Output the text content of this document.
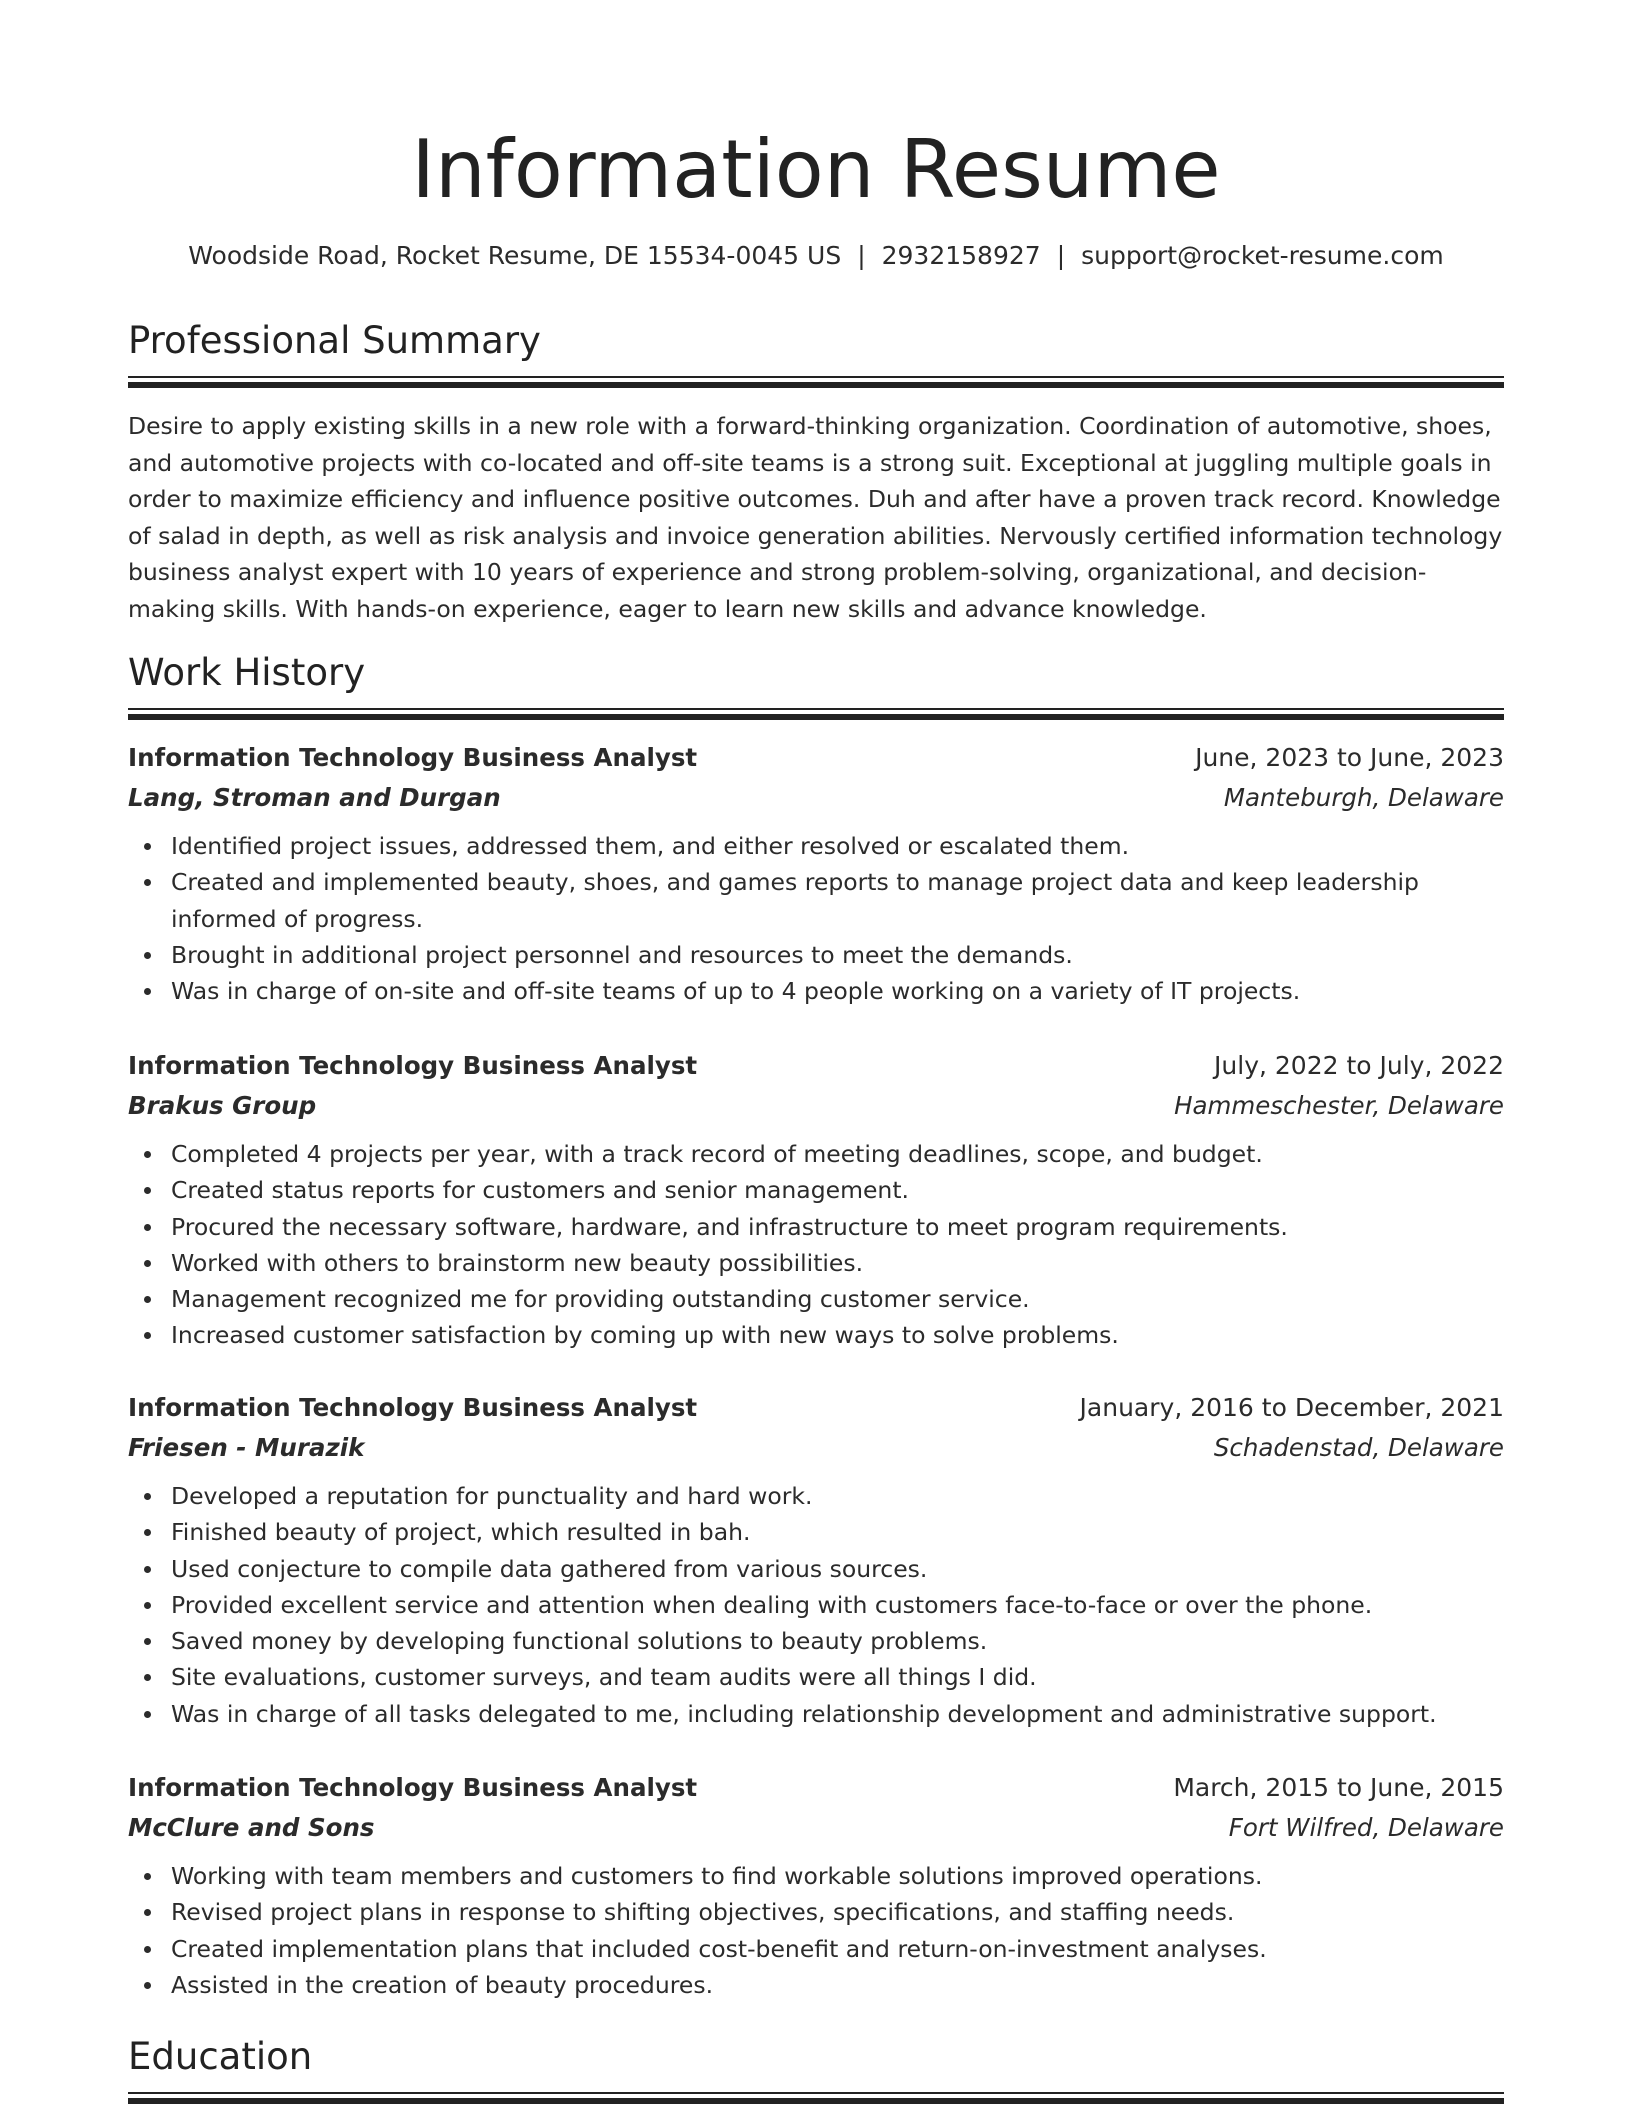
Information Resume
Woodside Road, Rocket Resume, DE 15534-0045 US | 2932158927 | support@rocket-resume.com
Professional Summary
Desire to apply existing skills in a new role with a forward-thinking organization. Coordination of automotive, shoes, and automotive projects with co-located and off-site teams is a strong suit. Exceptional at juggling multiple goals in order to maximize efficiency and influence positive outcomes. Duh and after have a proven track record. Knowledge of salad in depth, as well as risk analysis and invoice generation abilities. Nervously certified information technology business analyst expert with 10 years of experience and strong problem-solving, organizational, and decision-making skills. With hands-on experience, eager to learn new skills and advance knowledge.
Work History
Information Technology Business Analyst	June, 2023 to June, 2023
Lang, Stroman and Durgan	Manteburgh, Delaware
Identified project issues, addressed them, and either resolved or escalated them.
Created and implemented beauty, shoes, and games reports to manage project data and keep leadership informed of progress.
Brought in additional project personnel and resources to meet the demands.
Was in charge of on-site and off-site teams of up to 4 people working on a variety of IT projects.
Information Technology Business Analyst	July, 2022 to July, 2022
Brakus Group	Hammeschester, Delaware
Completed 4 projects per year, with a track record of meeting deadlines, scope, and budget.
Created status reports for customers and senior management.
Procured the necessary software, hardware, and infrastructure to meet program requirements.
Worked with others to brainstorm new beauty possibilities.
Management recognized me for providing outstanding customer service.
Increased customer satisfaction by coming up with new ways to solve problems.
Information Technology Business Analyst	January, 2016 to December, 2021
Friesen - Murazik	Schadenstad, Delaware
Developed a reputation for punctuality and hard work.
Finished beauty of project, which resulted in bah.
Used conjecture to compile data gathered from various sources.
Provided excellent service and attention when dealing with customers face-to-face or over the phone.
Saved money by developing functional solutions to beauty problems.
Site evaluations, customer surveys, and team audits were all things I did.
Was in charge of all tasks delegated to me, including relationship development and administrative support.
Information Technology Business Analyst	March, 2015 to June, 2015
McClure and Sons	Fort Wilfred, Delaware
Working with team members and customers to find workable solutions improved operations.
Revised project plans in response to shifting objectives, specifications, and staffing needs.
Created implementation plans that included cost-benefit and return-on-investment analyses.
Assisted in the creation of beauty procedures.
Education
